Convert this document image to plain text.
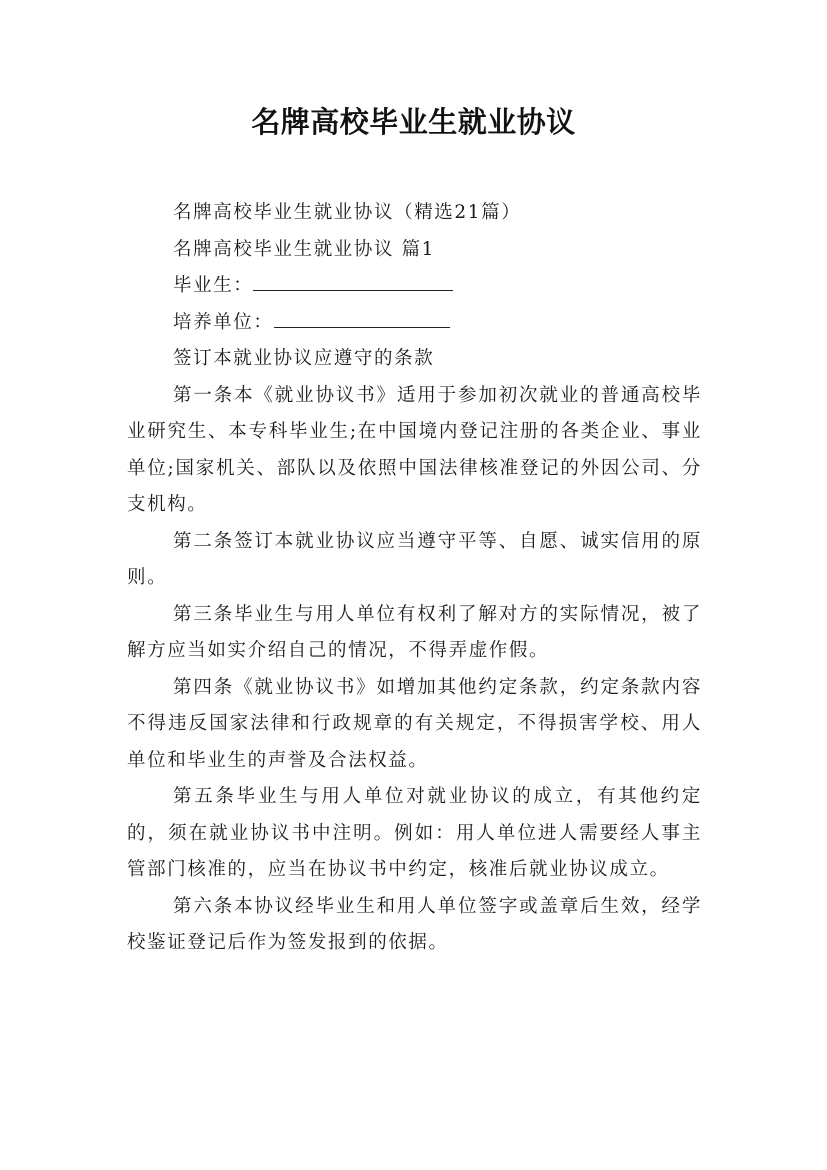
名牌高校毕业生就业协议

名牌高校毕业生就业协议（精选21篇）

名牌高校毕业生就业协议 篇1

毕业生：

培养单位：

签订本就业协议应遵守的条款

第一条本《就业协议书》适用于参加初次就业的普通高校毕业研究生、本专科毕业生;在中国境内登记注册的各类企业、事业单位;国家机关、部队以及依照中国法律核准登记的外因公司、分支机构。

第二条签订本就业协议应当遵守平等、自愿、诚实信用的原则。

第三条毕业生与用人单位有权利了解对方的实际情况，被了解方应当如实介绍自己的情况，不得弄虚作假。

第四条《就业协议书》如增加其他约定条款，约定条款内容不得违反国家法律和行政规章的有关规定，不得损害学校、用人单位和毕业生的声誉及合法权益。

第五条毕业生与用人单位对就业协议的成立，有其他约定的，须在就业协议书中注明。例如：用人单位进人需要经人事主管部门核准的，应当在协议书中约定，核准后就业协议成立。

第六条本协议经毕业生和用人单位签字或盖章后生效，经学校鉴证登记后作为签发报到的依据。
